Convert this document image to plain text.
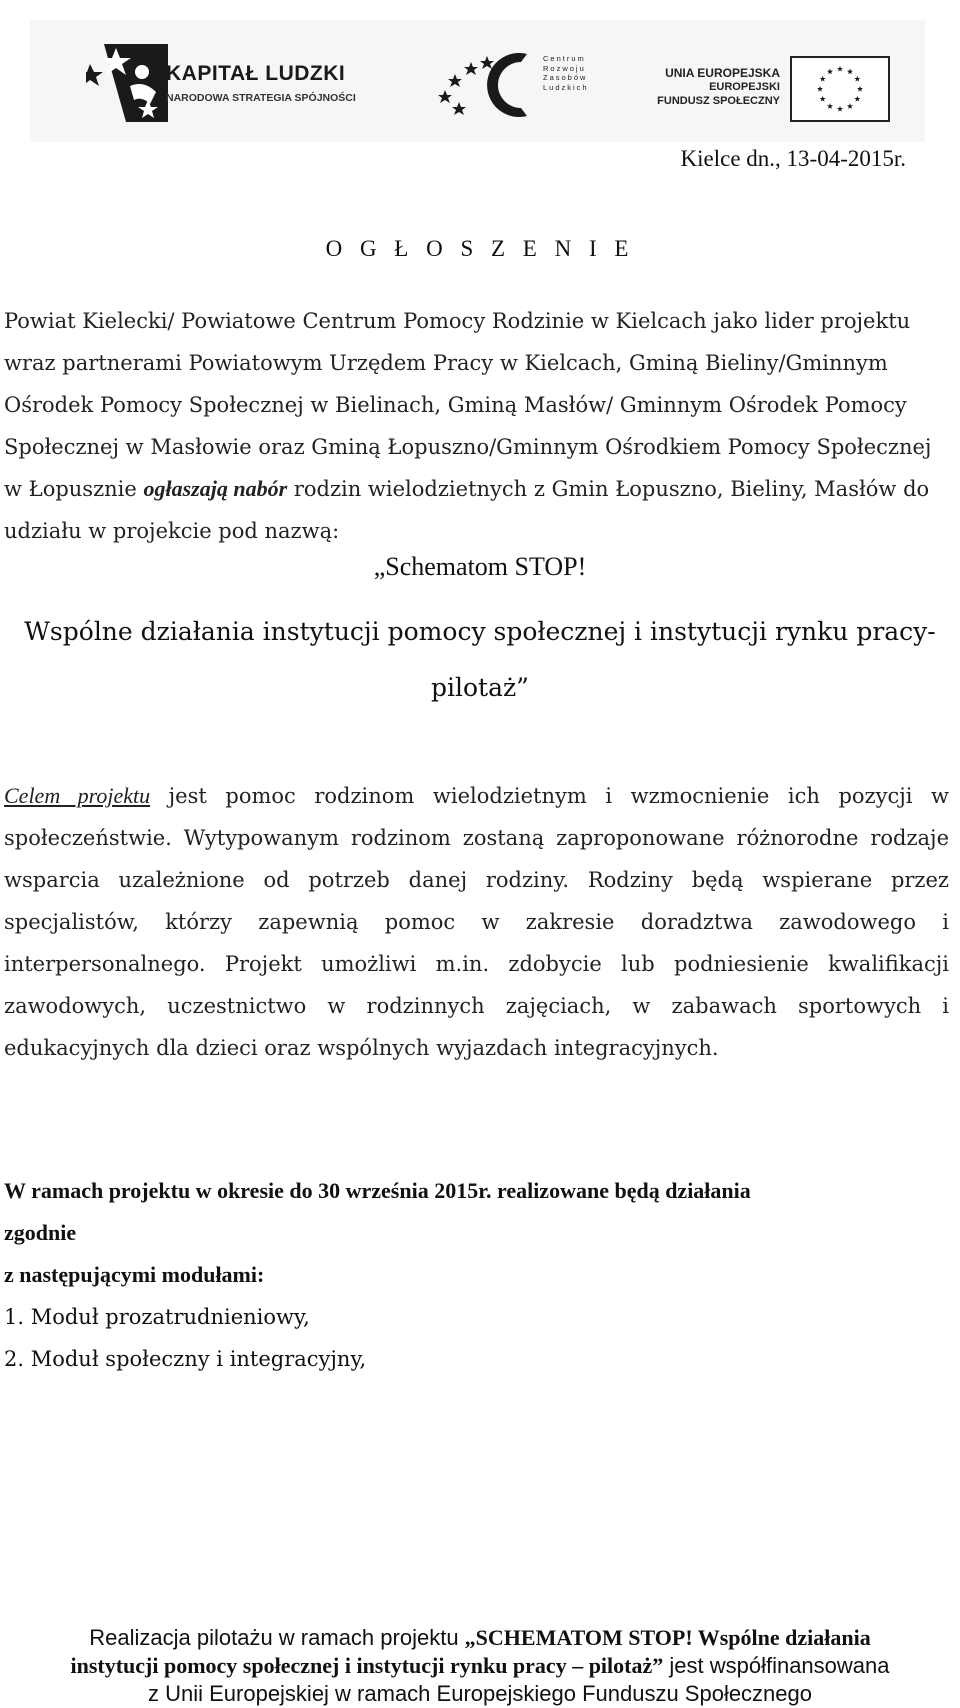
KAPITAŁ LUDZKI
NARODOWA STRATEGIA SPÓJNOŚCI
Centrum
Rozwoju
Zasobów
Ludzkich
UNIA EUROPEJSKA
EUROPEJSKI
FUNDUSZ SPOŁECZNY
Kielce dn., 13-04-2015r.
O G Ł O S Z E N I E
Powiat Kielecki/ Powiatowe Centrum Pomocy Rodzinie w Kielcach jako lider projektu wraz partnerami Powiatowym Urzędem Pracy w Kielcach, Gminą Bieliny/Gminnym Ośrodek Pomocy Społecznej w Bielinach, Gminą Masłów/ Gminnym Ośrodek Pomocy Społecznej w Masłowie oraz Gminą Łopuszno/Gminnym Ośrodkiem Pomocy Społecznej w Łopusznie ogłaszają nabór rodzin wielodzietnych z Gmin Łopuszno, Bieliny, Masłów do udziału w projekcie pod nazwą:
„Schematom STOP!
Wspólne działania instytucji pomocy społecznej i instytucji rynku pracy-
pilotaż”
Celem projektu jest pomoc rodzinom wielodzietnym i wzmocnienie ich pozycji w społeczeństwie. Wytypowanym rodzinom zostaną zaproponowane różnorodne rodzaje wsparcia uzależnione od potrzeb danej rodziny. Rodziny będą wspierane przez specjalistów, którzy zapewnią pomoc w zakresie doradztwa zawodowego i interpersonalnego. Projekt umożliwi m.in. zdobycie lub podniesienie kwalifikacji zawodowych, uczestnictwo w rodzinnych zajęciach, w zabawach sportowych i edukacyjnych dla dzieci oraz wspólnych wyjazdach integracyjnych.
W ramach projektu w okresie do 30 września 2015r. realizowane będą działania
zgodnie
z następującymi modułami:
1. Moduł prozatrudnieniowy,
2. Moduł społeczny i integracyjny,
Realizacja pilotażu w ramach projektu „SCHEMATOM STOP! Wspólne działania
instytucji pomocy społecznej i instytucji rynku pracy – pilotaż” jest współfinansowana
z Unii Europejskiej w ramach Europejskiego Funduszu Społecznego
